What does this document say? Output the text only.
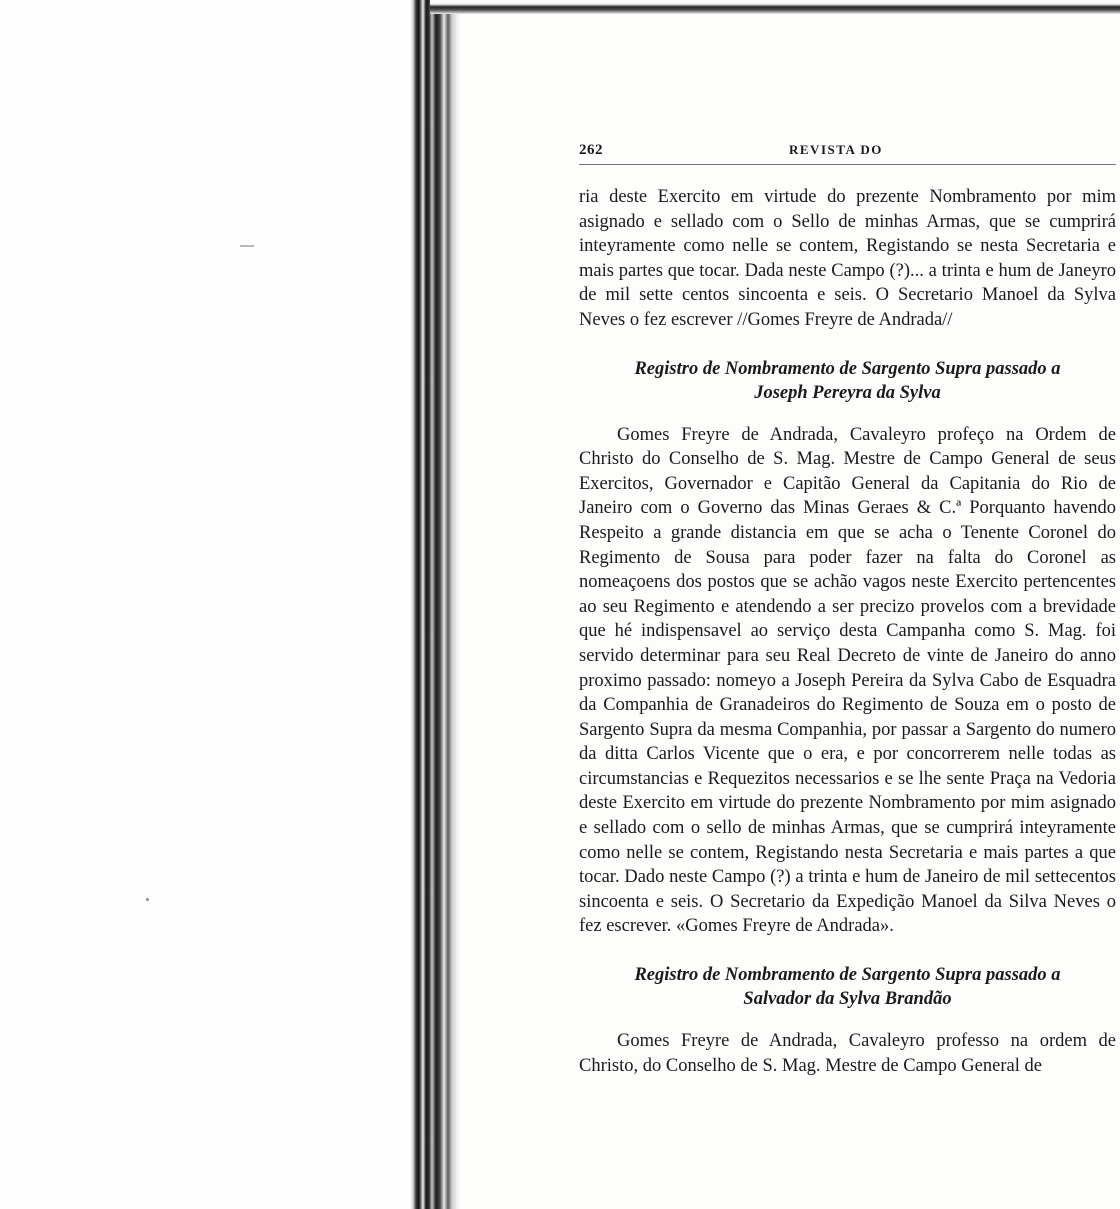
262	REVISTA DO

ria deste Exercito em virtude do prezente Nombramento por mim asignado e sellado com o Sello de minhas Armas, que se cumprirá inteyramente como nelle se contem, Registando se nesta Secretaria e mais partes que tocar. Dada neste Campo (?)... a trinta e hum de Janeyro de mil sette centos sincoenta e seis. O Secretario Manoel da Sylva Neves o fez escrever //Gomes Freyre de Andrada//

Registro de Nombramento de Sargento Supra passado a
Joseph Pereyra da Sylva

Gomes Freyre de Andrada, Cavaleyro profeço na Ordem de Christo do Conselho de S. Mag. Mestre de Campo General de seus Exercitos, Governador e Capitão General da Capitania do Rio de Janeiro com o Governo das Minas Geraes & C.ª Porquanto havendo Respeito a grande distancia em que se acha o Tenente Coronel do Regimento de Sousa para poder fazer na falta do Coronel as nomeaçoens dos postos que se achão vagos neste Exercito pertencentes ao seu Regimento e atendendo a ser precizo provelos com a brevidade que hé indispensavel ao serviço desta Campanha como S. Mag. foi servido determinar para seu Real Decreto de vinte de Janeiro do anno proximo passado: nomeyo a Joseph Pereira da Sylva Cabo de Esquadra da Companhia de Granadeiros do Regimento de Souza em o posto de Sargento Supra da mesma Companhia, por passar a Sargento do numero da ditta Carlos Vicente que o era, e por concorrerem nelle todas as circumstancias e Requezitos necessarios e se lhe sente Praça na Vedoria deste Exercito em virtude do prezente Nombramento por mim asignado e sellado com o sello de minhas Armas, que se cumprirá inteyramente como nelle se contem, Registando nesta Secretaria e mais partes a que tocar. Dado neste Campo (?) a trinta e hum de Janeiro de mil settecentos sincoenta e seis. O Secretario da Expedição Manoel da Silva Neves o fez escrever. «Gomes Freyre de Andrada».

Registro de Nombramento de Sargento Supra passado a
Salvador da Sylva Brandão

Gomes Freyre de Andrada, Cavaleyro professo na ordem de Christo, do Conselho de S. Mag. Mestre de Campo General de
